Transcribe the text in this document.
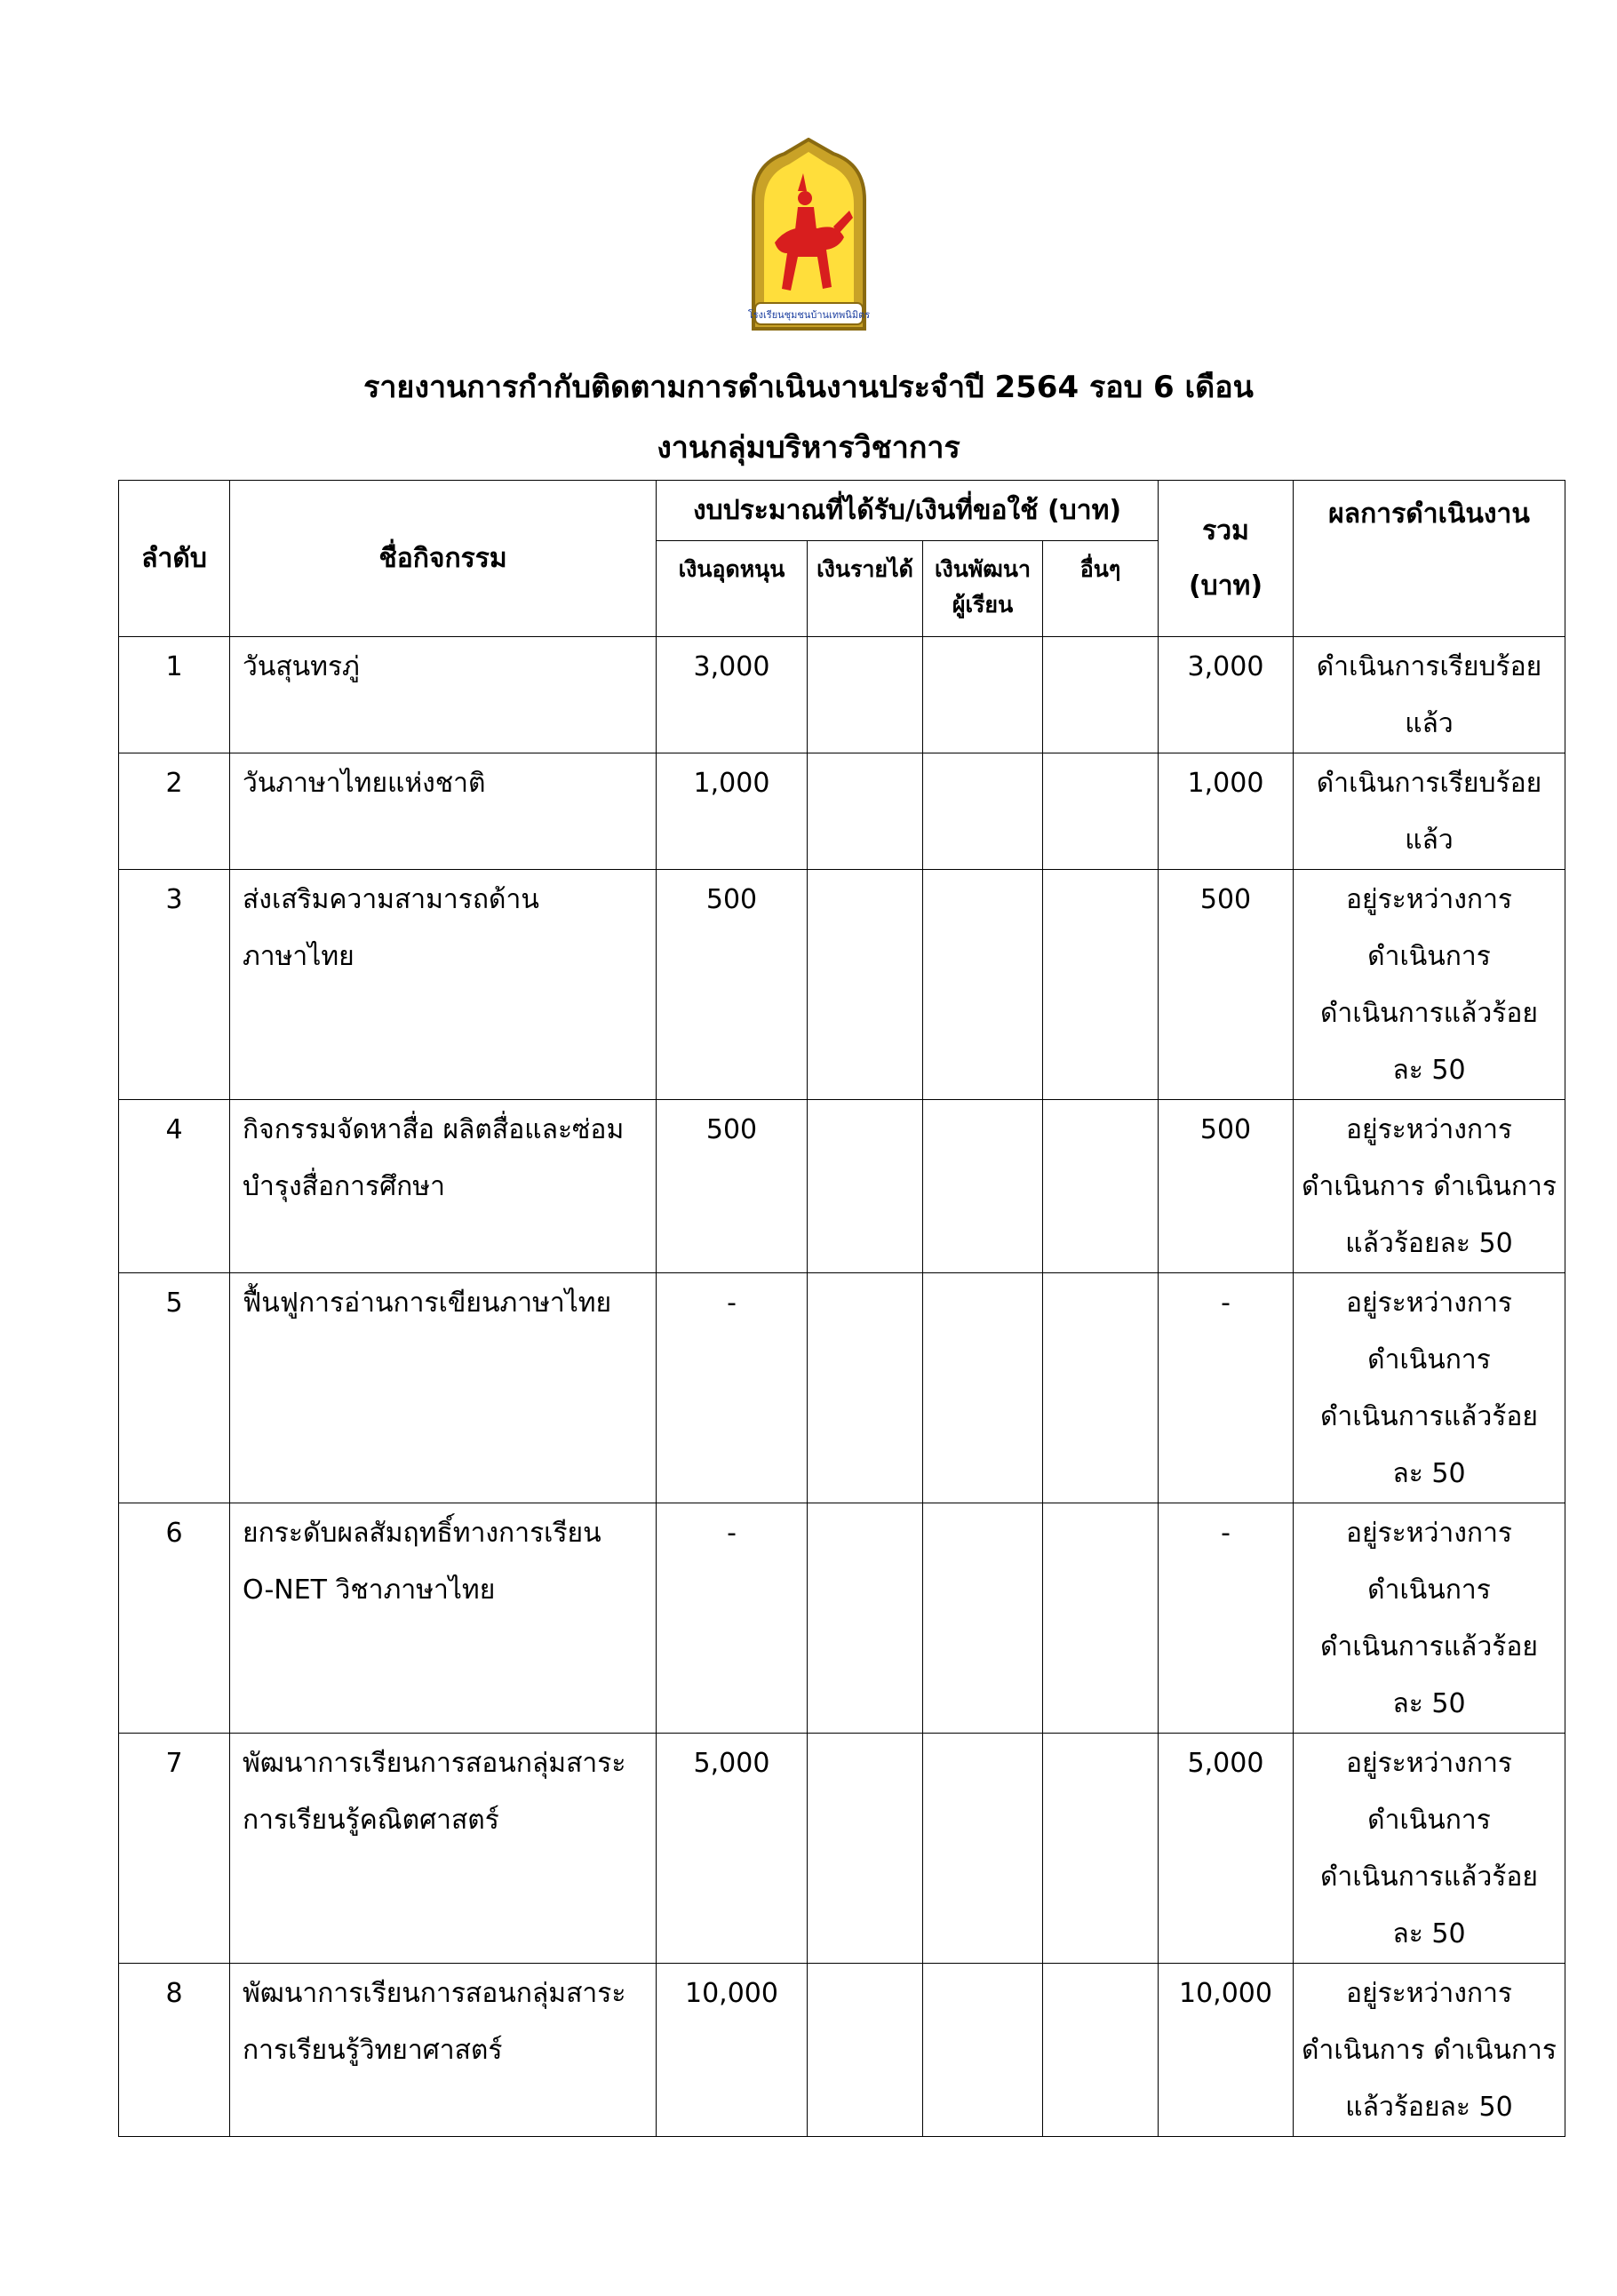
โรงเรียนชุมชนบ้านเทพนิมิตร
รายงานการกำกับติดตามการดำเนินงานประจำปี 2564 รอบ 6 เดือน
งานกลุ่มบริหารวิชาการ
ลำดับ	ชื่อกิจกรรม	งบประมาณที่ได้รับ/เงินที่ขอใช้ (บาท)				รวม
(บาท)	ผลการดำเนินงาน
		เงินอุดหนุน	เงินรายได้	เงินพัฒนา
ผู้เรียน	อื่นๆ		
1	วันสุนทรภู่	3,000				3,000	ดำเนินการเรียบร้อย
แล้ว

2	วันภาษาไทยแห่งชาติ	1,000				1,000	ดำเนินการเรียบร้อย
แล้ว

3	ส่งเสริมความสามารถด้าน
ภาษาไทย	500				500	อยู่ระหว่างการ
ดำเนินการ
ดำเนินการแล้วร้อย
ละ 50

4	กิจกรรมจัดหาสื่อ ผลิตสื่อและซ่อม
บำรุงสื่อการศึกษา	500				500	อยู่ระหว่างการ
ดำเนินการ ดำเนินการ
แล้วร้อยละ 50

5	ฟื้นฟูการอ่านการเขียนภาษาไทย	-				-	อยู่ระหว่างการ
ดำเนินการ
ดำเนินการแล้วร้อย
ละ 50

6	ยกระดับผลสัมฤทธิ์ทางการเรียน
O-NET วิชาภาษาไทย	-				-	อยู่ระหว่างการ
ดำเนินการ
ดำเนินการแล้วร้อย
ละ 50

7	พัฒนาการเรียนการสอนกลุ่มสาระ
การเรียนรู้คณิตศาสตร์	5,000				5,000	อยู่ระหว่างการ
ดำเนินการ
ดำเนินการแล้วร้อย
ละ 50

8	พัฒนาการเรียนการสอนกลุ่มสาระ
การเรียนรู้วิทยาศาสตร์	10,000				10,000	อยู่ระหว่างการ
ดำเนินการ ดำเนินการ
แล้วร้อยละ 50
